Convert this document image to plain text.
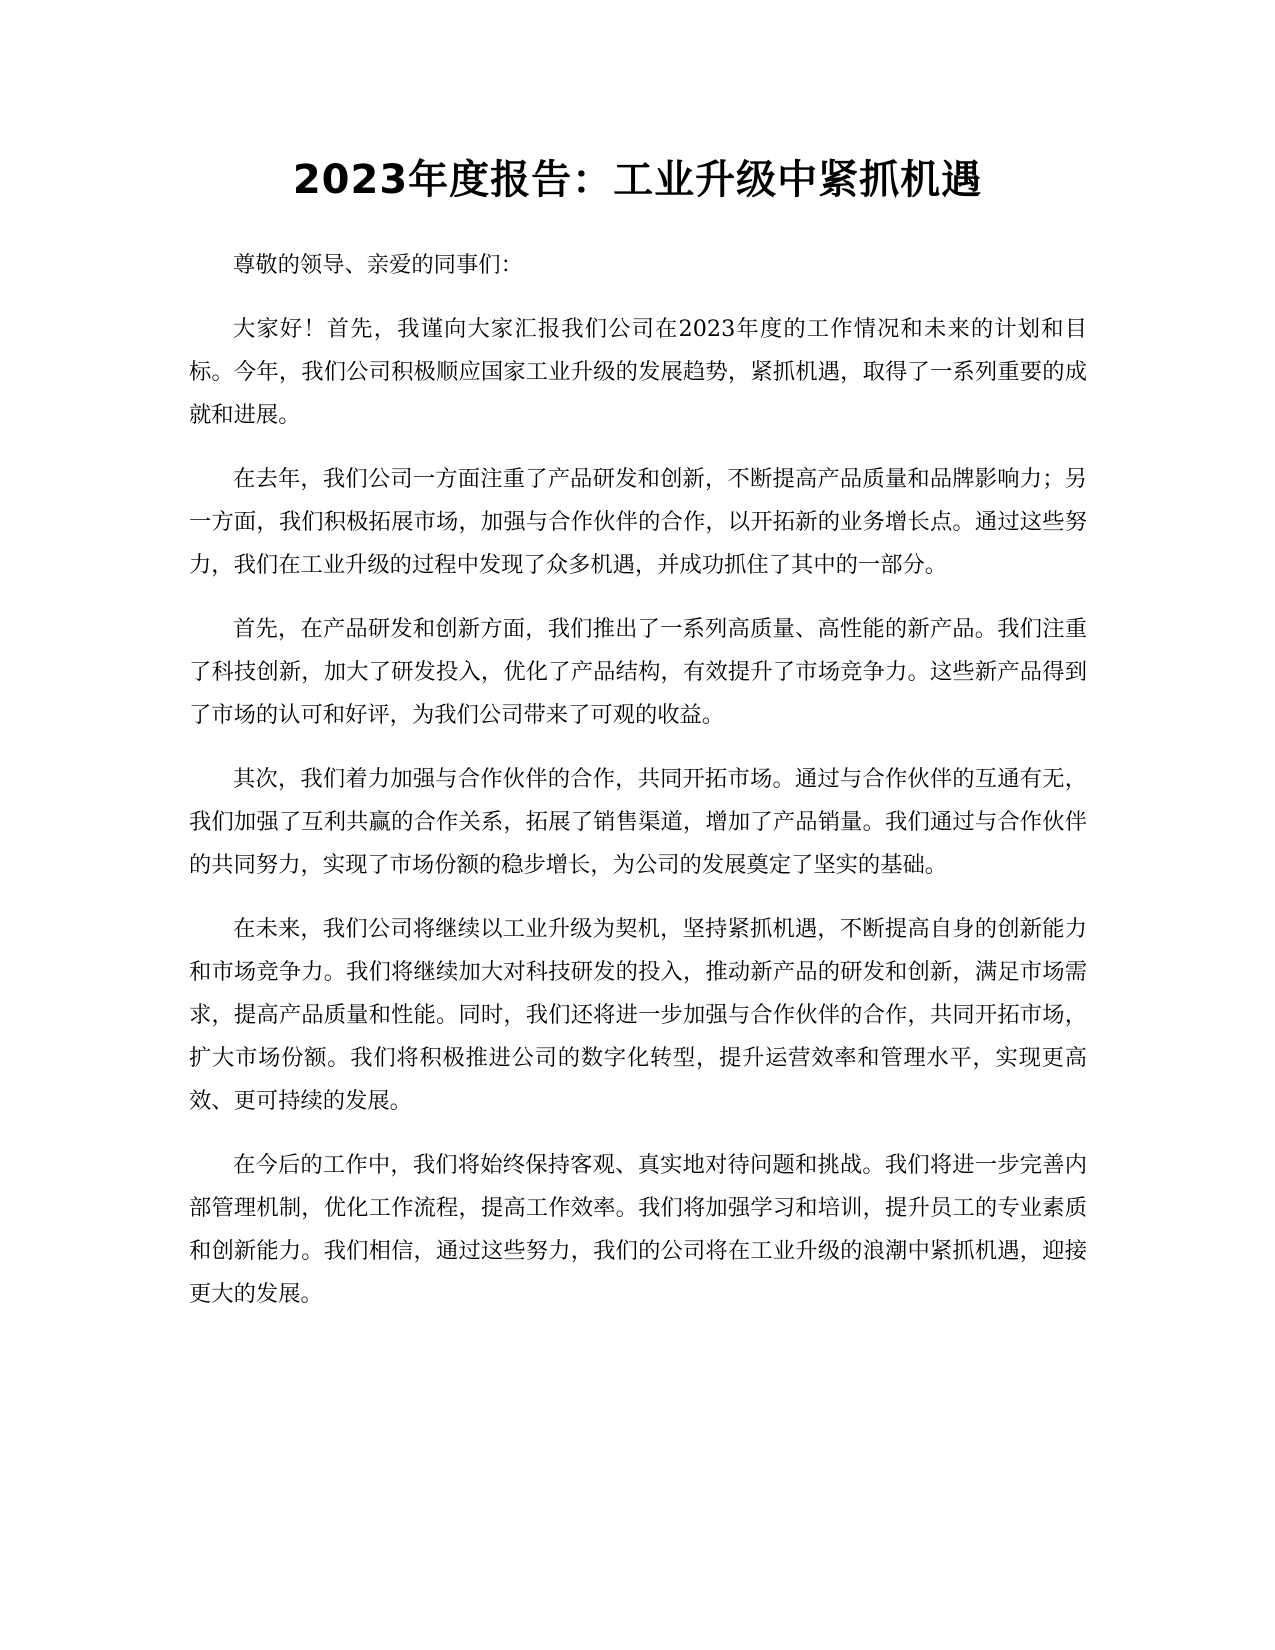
2023年度报告：工业升级中紧抓机遇

尊敬的领导、亲爱的同事们：

大家好！首先，我谨向大家汇报我们公司在2023年度的工作情况和未来的计划和目标。今年，我们公司积极顺应国家工业升级的发展趋势，紧抓机遇，取得了一系列重要的成就和进展。

在去年，我们公司一方面注重了产品研发和创新，不断提高产品质量和品牌影响力；另一方面，我们积极拓展市场，加强与合作伙伴的合作，以开拓新的业务增长点。通过这些努力，我们在工业升级的过程中发现了众多机遇，并成功抓住了其中的一部分。

首先，在产品研发和创新方面，我们推出了一系列高质量、高性能的新产品。我们注重了科技创新，加大了研发投入，优化了产品结构，有效提升了市场竞争力。这些新产品得到了市场的认可和好评，为我们公司带来了可观的收益。

其次，我们着力加强与合作伙伴的合作，共同开拓市场。通过与合作伙伴的互通有无，我们加强了互利共赢的合作关系，拓展了销售渠道，增加了产品销量。我们通过与合作伙伴的共同努力，实现了市场份额的稳步增长，为公司的发展奠定了坚实的基础。

在未来，我们公司将继续以工业升级为契机，坚持紧抓机遇，不断提高自身的创新能力和市场竞争力。我们将继续加大对科技研发的投入，推动新产品的研发和创新，满足市场需求，提高产品质量和性能。同时，我们还将进一步加强与合作伙伴的合作，共同开拓市场，扩大市场份额。我们将积极推进公司的数字化转型，提升运营效率和管理水平，实现更高效、更可持续的发展。

在今后的工作中，我们将始终保持客观、真实地对待问题和挑战。我们将进一步完善内部管理机制，优化工作流程，提高工作效率。我们将加强学习和培训，提升员工的专业素质和创新能力。我们相信，通过这些努力，我们的公司将在工业升级的浪潮中紧抓机遇，迎接更大的发展。
